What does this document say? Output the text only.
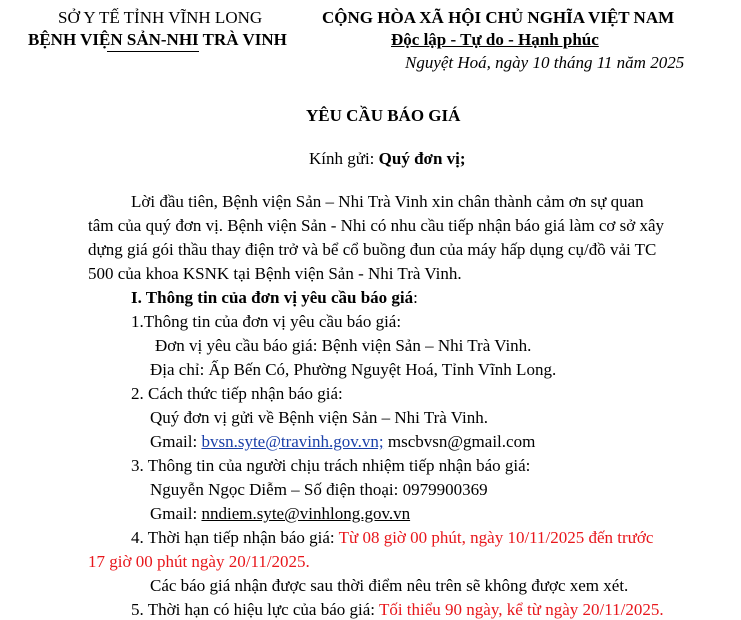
SỞ Y TẾ TỈNH VĨNH LONG
BỆNH VIỆN SẢN-NHI TRÀ VINH
CỘNG HÒA XÃ HỘI CHỦ NGHĨA VIỆT NAM
Độc lập - Tự do - Hạnh phúc
Nguyệt Hoá, ngày 10 tháng 11 năm 2025
YÊU CẦU BÁO GIÁ
Kính gửi: Quý đơn vị;
Lời đầu tiên, Bệnh viện Sản – Nhi Trà Vinh xin chân thành cảm ơn sự quan
tâm của quý đơn vị. Bệnh viện Sản - Nhi có nhu cầu tiếp nhận báo giá làm cơ sở xây
dựng giá gói thầu thay điện trở và bể cổ buồng đun của máy hấp dụng cụ/đồ vải TC
500 của khoa KSNK tại Bệnh viện Sản - Nhi Trà Vinh.
I. Thông tin của đơn vị yêu cầu báo giá:
1.Thông tin của đơn vị yêu cầu báo giá:
Đơn vị yêu cầu báo giá: Bệnh viện Sản – Nhi Trà Vinh.
Địa chỉ: Ấp Bến Có, Phường Nguyệt Hoá, Tỉnh Vĩnh Long.
2. Cách thức tiếp nhận báo giá:
Quý đơn vị gửi về Bệnh viện Sản – Nhi Trà Vinh.
Gmail: bvsn.syte@travinh.gov.vn; mscbvsn@gmail.com
3. Thông tin của người chịu trách nhiệm tiếp nhận báo giá:
Nguyễn Ngọc Diễm – Số điện thoại: 0979900369
Gmail: nndiem.syte@vinhlong.gov.vn
4. Thời hạn tiếp nhận báo giá: Từ 08 giờ 00 phút, ngày 10/11/2025 đến trước
17 giờ 00 phút ngày 20/11/2025.
Các báo giá nhận được sau thời điểm nêu trên sẽ không được xem xét.
5. Thời hạn có hiệu lực của báo giá: Tối thiểu 90 ngày, kể từ ngày 20/11/2025.
